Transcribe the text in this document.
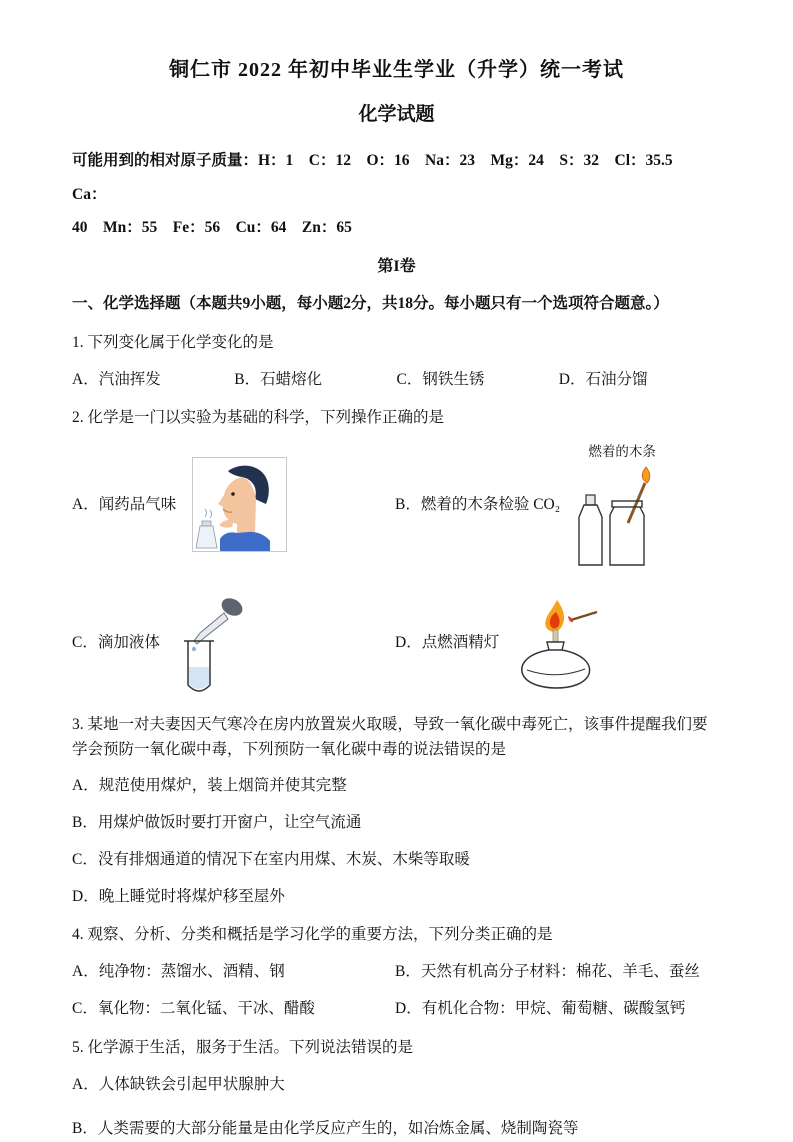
铜仁市 2022 年初中毕业生学业（升学）统一考试
化学试题

可能用到的相对原子质量：H：1　C：12　O：16　Na：23　Mg：24　S：32　Cl：35.5　Ca：
40　Mn：55　Fe：56　Cu：64　Zn：65

第I卷
一、化学选择题（本题共9小题，每小题2分，共18分。每小题只有一个选项符合题意。）

1. 下列变化属于化学变化的是

A．汽油挥发	B．石蜡熔化	C．钢铁生锈	D．石油分馏

2. 化学是一门以实验为基础的科学，下列操作正确的是

A．闻药品气味	B．燃着的木条检验 CO₂
燃着的木条
C．滴加液体	D．点燃酒精灯

3. 某地一对夫妻因天气寒冷在房内放置炭火取暖，导致一氧化碳中毒死亡，该事件提醒我们要学会预防一氧化碳中毒，下列预防一氧化碳中毒的说法错误的是

A．规范使用煤炉，装上烟筒并使其完整

B．用煤炉做饭时要打开窗户，让空气流通

C．没有排烟通道的情况下在室内用煤、木炭、木柴等取暖

D．晚上睡觉时将煤炉移至屋外

4. 观察、分析、分类和概括是学习化学的重要方法，下列分类正确的是

A．纯净物：蒸馏水、酒精、钢	B．天然有机高分子材料：棉花、羊毛、蚕丝
C．氧化物：二氧化锰、干冰、醋酸	D．有机化合物：甲烷、葡萄糖、碳酸氢钙

5. 化学源于生活，服务于生活。下列说法错误的是

A．人体缺铁会引起甲状腺肿大

B．人类需要的大部分能量是由化学反应产生的，如冶炼金属、烧制陶瓷等
